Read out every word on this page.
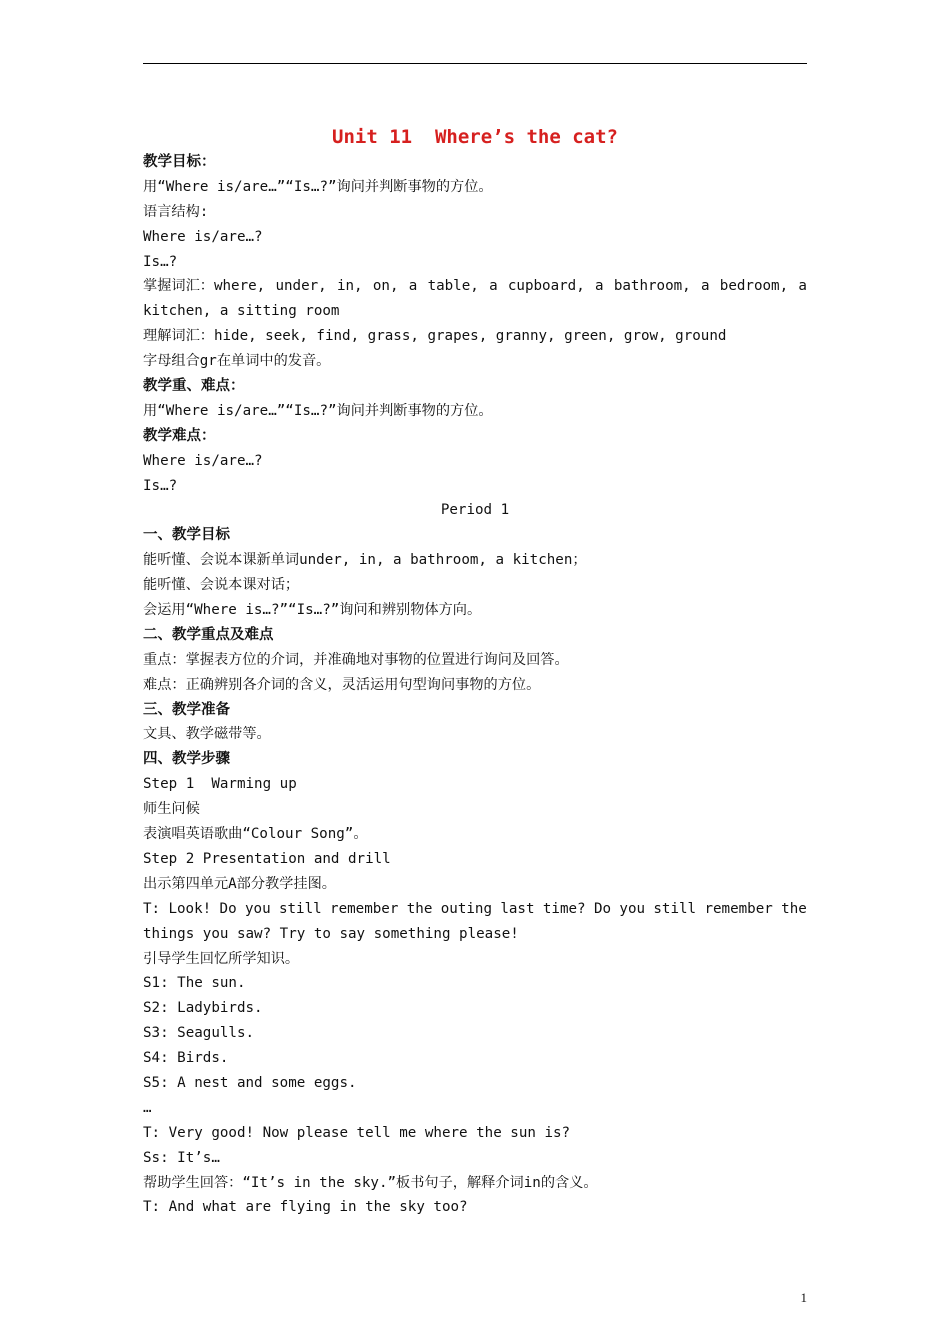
Unit 11  Where’s the cat?
教学目标：
用“Where is/are…”“Is…?”询问并判断事物的方位。
语言结构:
Where is/are…?
Is…?
掌握词汇：where, under, in, on, a table, a cupboard, a bathroom, a bedroom, a
kitchen, a sitting room
理解词汇：hide, seek, find, grass, grapes, granny, green, grow, ground
字母组合gr在单词中的发音。
教学重、难点：
用“Where is/are…”“Is…?”询问并判断事物的方位。
教学难点：
Where is/are…?
Is…?
Period 1
一、教学目标
能听懂、会说本课新单词under, in, a bathroom, a kitchen；
能听懂、会说本课对话；
会运用“Where is…?”“Is…?”询问和辨别物体方向。
二、教学重点及难点
重点：掌握表方位的介词，并准确地对事物的位置进行询问及回答。
难点：正确辨别各介词的含义，灵活运用句型询问事物的方位。
三、教学准备
文具、教学磁带等。
四、教学步骤
Step 1  Warming up
师生问候
表演唱英语歌曲“Colour Song”。
Step 2 Presentation and drill
出示第四单元A部分教学挂图。
T: Look! Do you still remember the outing last time? Do you still remember the
things you saw? Try to say something please!
引导学生回忆所学知识。
S1: The sun.
S2: Ladybirds.
S3: Seagulls.
S4: Birds.
S5: A nest and some eggs.
…
T: Very good! Now please tell me where the sun is?
Ss: It’s…
帮助学生回答：“It’s in the sky.”板书句子，解释介词in的含义。
T: And what are flying in the sky too?
1
